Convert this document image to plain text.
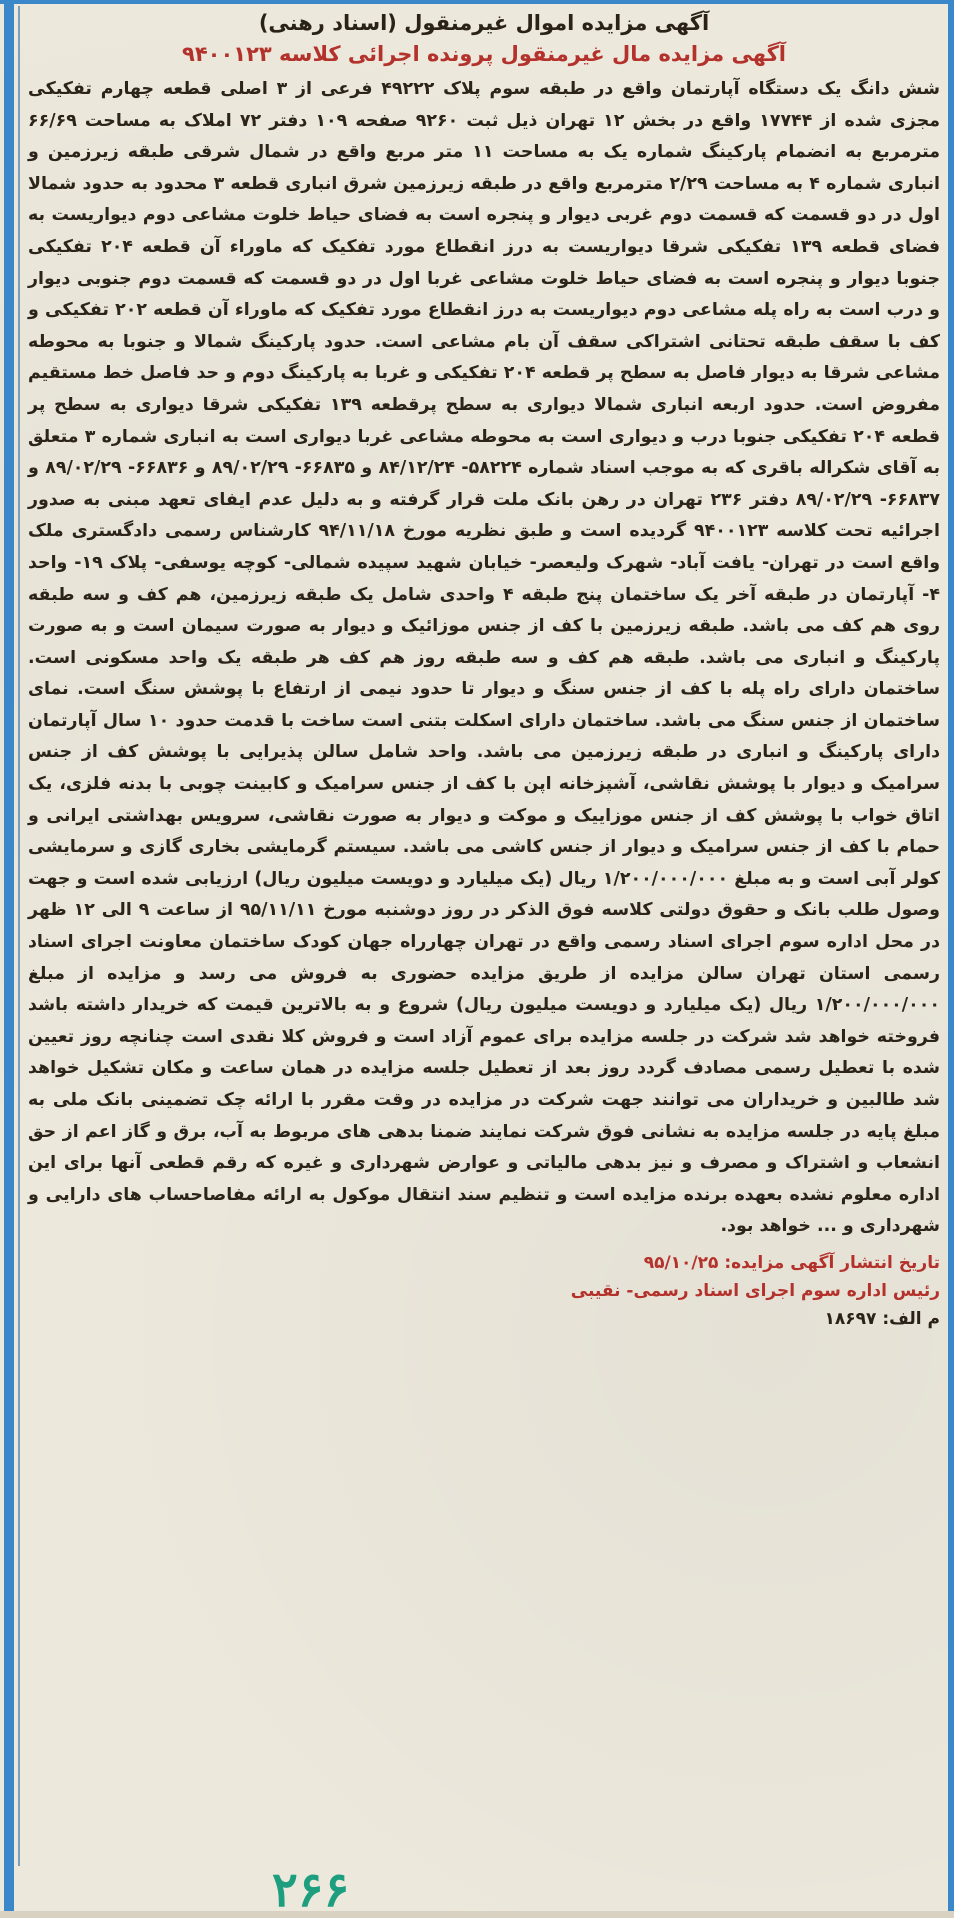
آگهی مزایده اموال غیرمنقول (اسناد رهنی)
آگهی مزایده مال غیرمنقول پرونده اجرائی کلاسه ۹۴۰۰۱۲۳

شش دانگ یک دستگاه آپارتمان واقع در طبقه سوم پلاک ۴۹۲۲۲ فرعی از ۳ اصلی قطعه چهارم تفکیکی مجزی شده از ۱۷۷۴۴ واقع در بخش ۱۲ تهران ذیل ثبت ۹۲۶۰ صفحه ۱۰۹ دفتر ۷۲ املاک به مساحت ۶۶/۶۹ مترمربع به انضمام پارکینگ شماره یک به مساحت ۱۱ متر مربع واقع در شمال شرقی طبقه زیرزمین و انباری شماره ۴ به مساحت ۲/۲۹ مترمربع واقع در طبقه زیرزمین شرق انباری قطعه ۳ محدود به حدود شمالا اول در دو قسمت که قسمت دوم غربی دیوار و پنجره است به فضای حیاط خلوت مشاعی دوم دیواریست به فضای قطعه ۱۳۹ تفکیکی شرقا دیواریست به درز انقطاع مورد تفکیک که ماوراء آن قطعه ۲۰۴ تفکیکی جنوبا دیوار و پنجره است به فضای حیاط خلوت مشاعی غربا اول در دو قسمت که قسمت دوم جنوبی دیوار و درب است به راه پله مشاعی دوم دیواریست به درز انقطاع مورد تفکیک که ماوراء آن قطعه ۲۰۲ تفکیکی و کف با سقف طبقه تحتانی اشتراکی سقف آن بام مشاعی است. حدود پارکینگ شمالا و جنوبا به محوطه مشاعی شرقا به دیوار فاصل به سطح پر قطعه ۲۰۴ تفکیکی و غربا به پارکینگ دوم و حد فاصل خط مستقیم مفروض است. حدود اربعه انباری شمالا دیواری به سطح پرقطعه ۱۳۹ تفکیکی شرقا دیواری به سطح پر قطعه ۲۰۴ تفکیکی جنوبا درب و دیواری است به محوطه مشاعی غربا دیواری است به انباری شماره ۳ متعلق به آقای شکراله باقری که به موجب اسناد شماره ۵۸۲۲۴- ۸۴/۱۲/۲۴ و ۶۶۸۳۵- ۸۹/۰۲/۲۹ و ۶۶۸۳۶- ۸۹/۰۲/۲۹ و ۶۶۸۳۷- ۸۹/۰۲/۲۹ دفتر ۲۳۶ تهران در رهن بانک ملت قرار گرفته و به دلیل عدم ایفای تعهد مبنی به صدور اجرائیه تحت کلاسه ۹۴۰۰۱۲۳ گردیده است و طبق نظریه مورخ ۹۴/۱۱/۱۸ کارشناس رسمی دادگستری ملک واقع است در تهران- یافت آباد- شهرک ولیعصر- خیابان شهید سپیده شمالی- کوچه یوسفی- پلاک ۱۹- واحد ۴- آپارتمان در طبقه آخر یک ساختمان پنج طبقه ۴ واحدی شامل یک طبقه زیرزمین، هم کف و سه طبقه روی هم کف می باشد. طبقه زیرزمین با کف از جنس موزائیک و دیوار به صورت سیمان است و به صورت پارکینگ و انباری می باشد. طبقه هم کف و سه طبقه روز هم کف هر طبقه یک واحد مسکونی است. ساختمان دارای راه پله با کف از جنس سنگ و دیوار تا حدود نیمی از ارتفاع با پوشش سنگ است. نمای ساختمان از جنس سنگ می باشد. ساختمان دارای اسکلت بتنی است ساخت با قدمت حدود ۱۰ سال آپارتمان دارای پارکینگ و انباری در طبقه زیرزمین می باشد. واحد شامل سالن پذیرایی با پوشش کف از جنس سرامیک و دیوار با پوشش نقاشی، آشپزخانه اپن با کف از جنس سرامیک و کابینت چوبی با بدنه فلزی، یک اتاق خواب با پوشش کف از جنس موزاییک و موکت و دیوار به صورت نقاشی، سرویس بهداشتی ایرانی و حمام با کف از جنس سرامیک و دیوار از جنس کاشی می باشد. سیستم گرمایشی بخاری گازی و سرمایشی کولر آبی است و به مبلغ ۱/۲۰۰/۰۰۰/۰۰۰ ریال (یک میلیارد و دویست میلیون ریال) ارزیابی شده است و جهت وصول طلب بانک و حقوق دولتی کلاسه فوق الذکر در روز دوشنبه مورخ ۹۵/۱۱/۱۱ از ساعت ۹ الی ۱۲ ظهر در محل اداره سوم اجرای اسناد رسمی واقع در تهران چهارراه جهان کودک ساختمان معاونت اجرای اسناد رسمی استان تهران سالن مزایده از طریق مزایده حضوری به فروش می رسد و مزایده از مبلغ ۱/۲۰۰/۰۰۰/۰۰۰ ریال (یک میلیارد و دویست میلیون ریال) شروع و به بالاترین قیمت که خریدار داشته باشد فروخته خواهد شد شرکت در جلسه مزایده برای عموم آزاد است و فروش کلا نقدی است چنانچه روز تعیین شده با تعطیل رسمی مصادف گردد روز بعد از تعطیل جلسه مزایده در همان ساعت و مکان تشکیل خواهد شد طالبین و خریداران می توانند جهت شرکت در مزایده در وقت مقرر با ارائه چک تضمینی بانک ملی به مبلغ پایه در جلسه مزایده به نشانی فوق شرکت نمایند ضمنا بدهی های مربوط به آب، برق و گاز اعم از حق انشعاب و اشتراک و مصرف و نیز بدهی مالیاتی و عوارض شهرداری و غیره که رقم قطعی آنها برای این اداره معلوم نشده بعهده برنده مزایده است و تنظیم سند انتقال موکول به ارائه مفاصاحساب های دارایی و شهرداری و ... خواهد بود.

تاریخ انتشار آگهی مزایده: ۹۵/۱۰/۲۵
رئیس اداره سوم اجرای اسناد رسمی- نقیبی
م الف: ۱۸۶۹۷
۲۶۶
